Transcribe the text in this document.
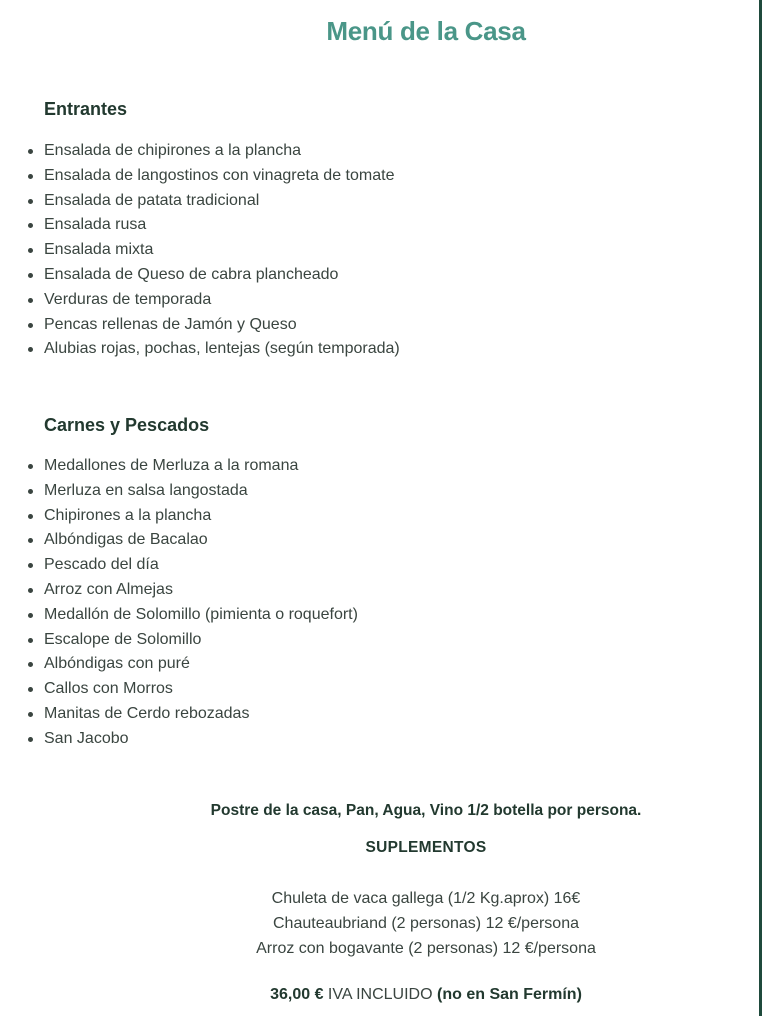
Menú de la Casa
Entrantes
Ensalada de chipirones a la plancha
Ensalada de langostinos con vinagreta de tomate
Ensalada de patata tradicional
Ensalada rusa
Ensalada mixta
Ensalada de Queso de cabra plancheado
Verduras de temporada
Pencas rellenas de Jamón y Queso
Alubias rojas, pochas, lentejas (según temporada)
Carnes y Pescados
Medallones de Merluza a la romana
Merluza en salsa langostada
Chipirones a la plancha
Albóndigas de Bacalao
Pescado del día
Arroz con Almejas
Medallón de Solomillo (pimienta o roquefort)
Escalope de Solomillo
Albóndigas con puré
Callos con Morros
Manitas de Cerdo rebozadas
San Jacobo

Postre de la casa, Pan, Agua, Vino 1/2 botella por persona.

SUPLEMENTOS
Chuleta de vaca gallega (1/2 Kg.aprox) 16€
Chauteaubriand (2 personas) 12 €/persona
Arroz con bogavante (2 personas) 12 €/persona

36,00 € IVA INCLUIDO (no en San Fermín)
